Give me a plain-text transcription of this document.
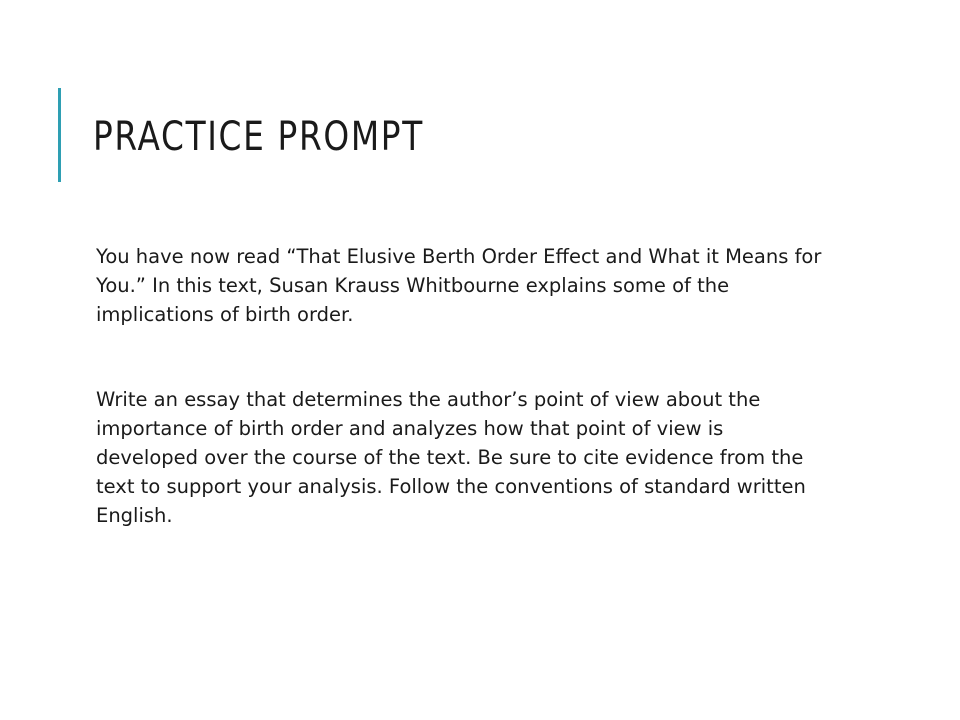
PRACTICE PROMPT

You have now read “That Elusive Berth Order Effect and What it Means for You.” In this text, Susan Krauss Whitbourne explains some of the implications of birth order.

Write an essay that determines the author’s point of view about the importance of birth order and analyzes how that point of view is developed over the course of the text. Be sure to cite evidence from the text to support your analysis. Follow the conventions of standard written English.
